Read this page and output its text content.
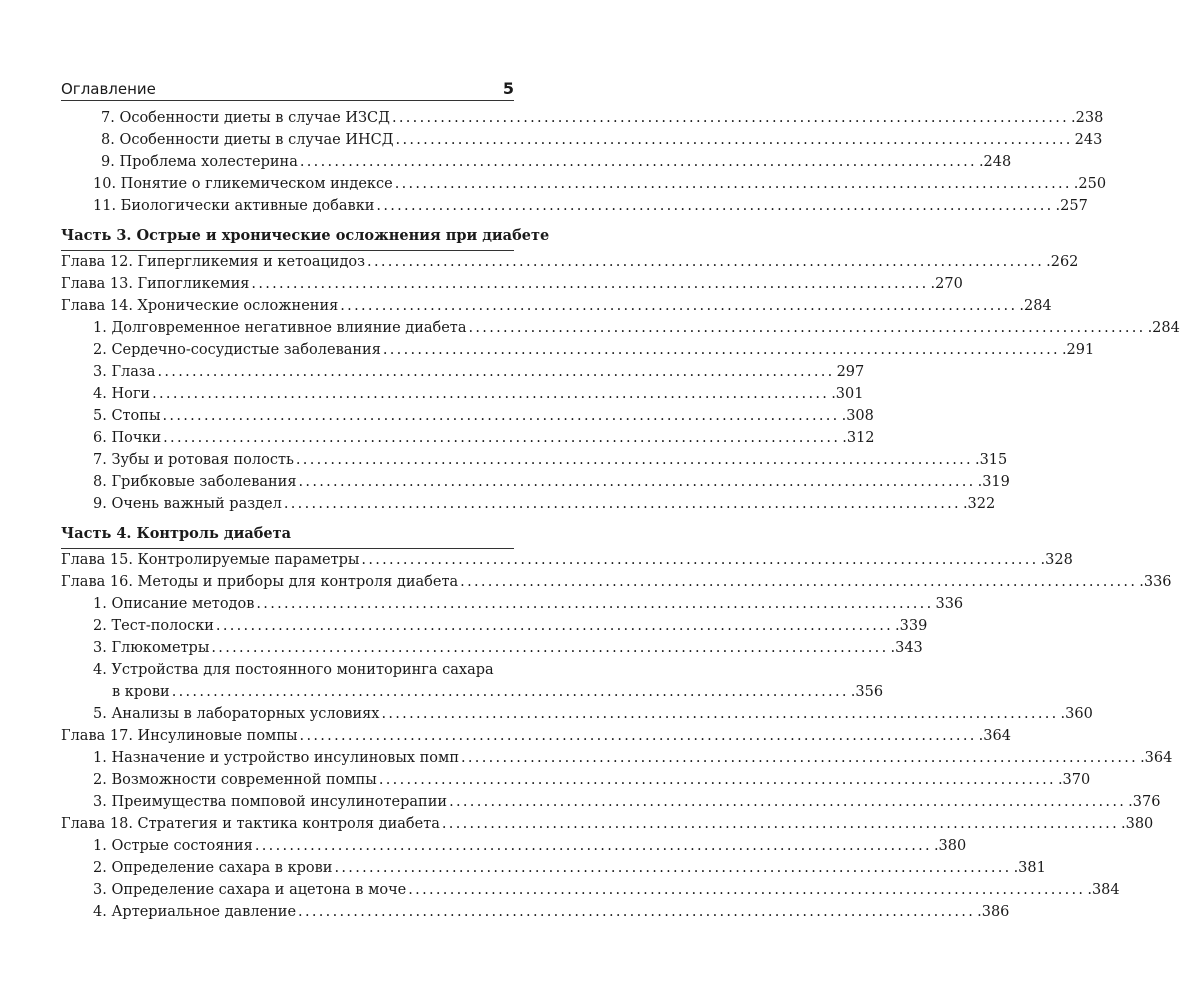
Оглавление	5
7. Особенности диеты в случае ИЗСД .................................................................................................. .238
8. Особенности диеты в случае ИНСД .................................................................................................. 243
9. Проблема холестерина .................................................................................................. .248
10. Понятие о гликемическом индексе .................................................................................................. .250
11. Биологически активные добавки .................................................................................................. .257
Часть 3. Острые и хронические осложнения при диабете
Глава 12. Гипергликемия и кетоацидоз .................................................................................................. .262
Глава 13. Гипогликемия .................................................................................................. .270
Глава 14. Хронические осложнения .................................................................................................. .284
1. Долговременное негативное влияние диабета .................................................................................................. .284
2. Сердечно-сосудистые заболевания .................................................................................................. .291
3. Глаза .................................................................................................. 297
4. Ноги .................................................................................................. .301
5. Стопы .................................................................................................. .308
6. Почки .................................................................................................. .312
7. Зубы и ротовая полость .................................................................................................. .315
8. Грибковые заболевания .................................................................................................. .319
9. Очень важный раздел .................................................................................................. .322
Часть 4. Контроль диабета
Глава 15. Контролируемые параметры .................................................................................................. .328
Глава 16. Методы и приборы для контроля диабета .................................................................................................. .336
1. Описание методов .................................................................................................. 336
2. Тест-полоски .................................................................................................. .339
3. Глюкометры .................................................................................................. .343
4. Устройства для постоянного мониторинга сахара
в крови .................................................................................................. .356
5. Анализы в лабораторных условиях .................................................................................................. .360
Глава 17. Инсулиновые помпы .................................................................................................. .364
1. Назначение и устройство инсулиновых помп .................................................................................................. .364
2. Возможности современной помпы .................................................................................................. .370
3. Преимущества помповой инсулинотерапии .................................................................................................. .376
Глава 18. Стратегия и тактика контроля диабета .................................................................................................. .380
1. Острые состояния .................................................................................................. .380
2. Определение сахара в крови .................................................................................................. .381
3. Определение сахара и ацетона в моче .................................................................................................. .384
4. Артериальное давление .................................................................................................. .386
